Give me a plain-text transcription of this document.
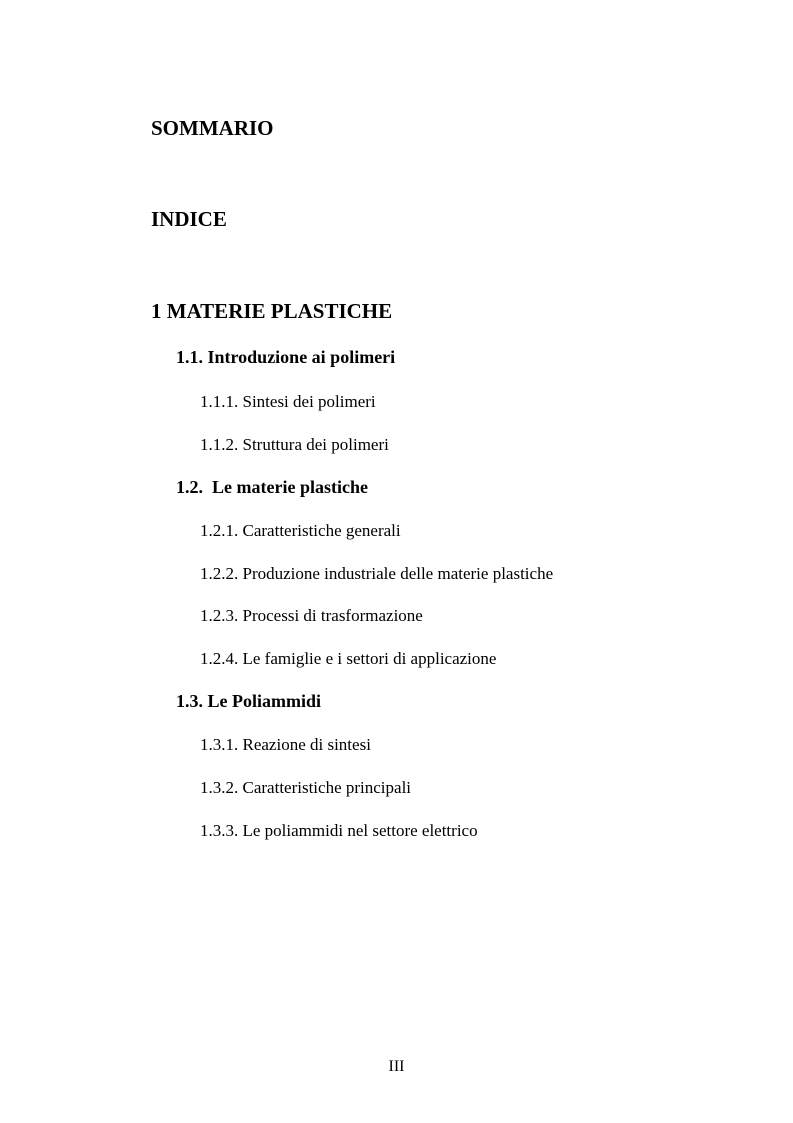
SOMMARIO
INDICE
1 MATERIE PLASTICHE
1.1. Introduzione ai polimeri
1.1.1. Sintesi dei polimeri
1.1.2. Struttura dei polimeri
1.2.  Le materie plastiche
1.2.1. Caratteristiche generali
1.2.2. Produzione industriale delle materie plastiche
1.2.3. Processi di trasformazione
1.2.4. Le famiglie e i settori di applicazione
1.3. Le Poliammidi
1.3.1. Reazione di sintesi
1.3.2. Caratteristiche principali
1.3.3. Le poliammidi nel settore elettrico
III
